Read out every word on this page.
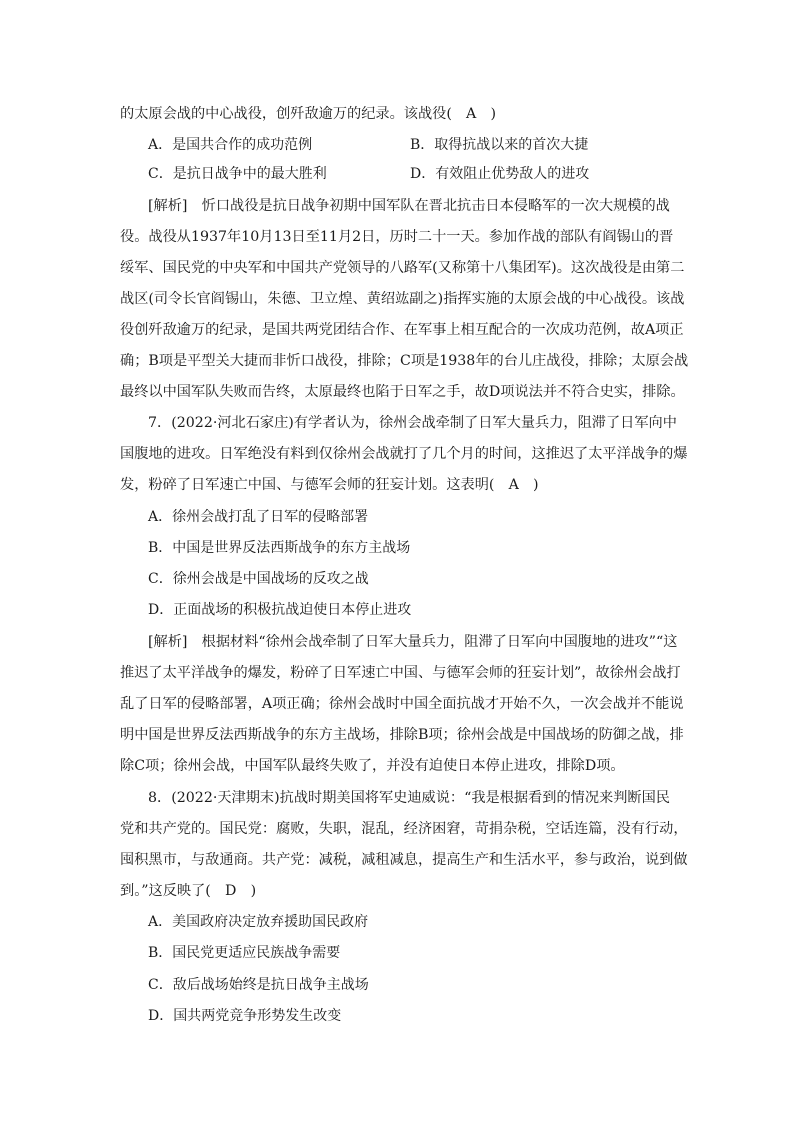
的太原会战的中心战役，创歼敌逾万的纪录。该战役(　A　)
A．是国共合作的成功范例	B．取得抗战以来的首次大捷
C．是抗日战争中的最大胜利	D．有效阻止优势敌人的进攻
[解析]　忻口战役是抗日战争初期中国军队在晋北抗击日本侵略军的一次大规模的战
役。战役从1937年10月13日至11月2日，历时二十一天。参加作战的部队有阎锡山的晋
绥军、国民党的中央军和中国共产党领导的八路军(又称第十八集团军)。这次战役是由第二
战区(司令长官阎锡山，朱德、卫立煌、黄绍竑副之)指挥实施的太原会战的中心战役。该战
役创歼敌逾万的纪录，是国共两党团结合作、在军事上相互配合的一次成功范例，故A项正
确；B项是平型关大捷而非忻口战役，排除；C项是1938年的台儿庄战役，排除；太原会战
最终以中国军队失败而告终，太原最终也陷于日军之手，故D项说法并不符合史实，排除。
7．(2022·河北石家庄)有学者认为，徐州会战牵制了日军大量兵力，阻滞了日军向中
国腹地的进攻。日军绝没有料到仅徐州会战就打了几个月的时间，这推迟了太平洋战争的爆
发，粉碎了日军速亡中国、与德军会师的狂妄计划。这表明(　A　)
A．徐州会战打乱了日军的侵略部署
B．中国是世界反法西斯战争的东方主战场
C．徐州会战是中国战场的反攻之战
D．正面战场的积极抗战迫使日本停止进攻
[解析]　根据材料“徐州会战牵制了日军大量兵力，阻滞了日军向中国腹地的进攻”“这
推迟了太平洋战争的爆发，粉碎了日军速亡中国、与德军会师的狂妄计划”，故徐州会战打
乱了日军的侵略部署，A项正确；徐州会战时中国全面抗战才开始不久，一次会战并不能说
明中国是世界反法西斯战争的东方主战场，排除B项；徐州会战是中国战场的防御之战，排
除C项；徐州会战，中国军队最终失败了，并没有迫使日本停止进攻，排除D项。
8．(2022·天津期末)抗战时期美国将军史迪威说：“我是根据看到的情况来判断国民
党和共产党的。国民党：腐败，失职，混乱，经济困窘，苛捐杂税，空话连篇，没有行动，
囤积黑市，与敌通商。共产党：减税，减租减息，提高生产和生活水平，参与政治，说到做
到。”这反映了(　D　)
A．美国政府决定放弃援助国民政府
B．国民党更适应民族战争需要
C．敌后战场始终是抗日战争主战场
D．国共两党竞争形势发生改变
